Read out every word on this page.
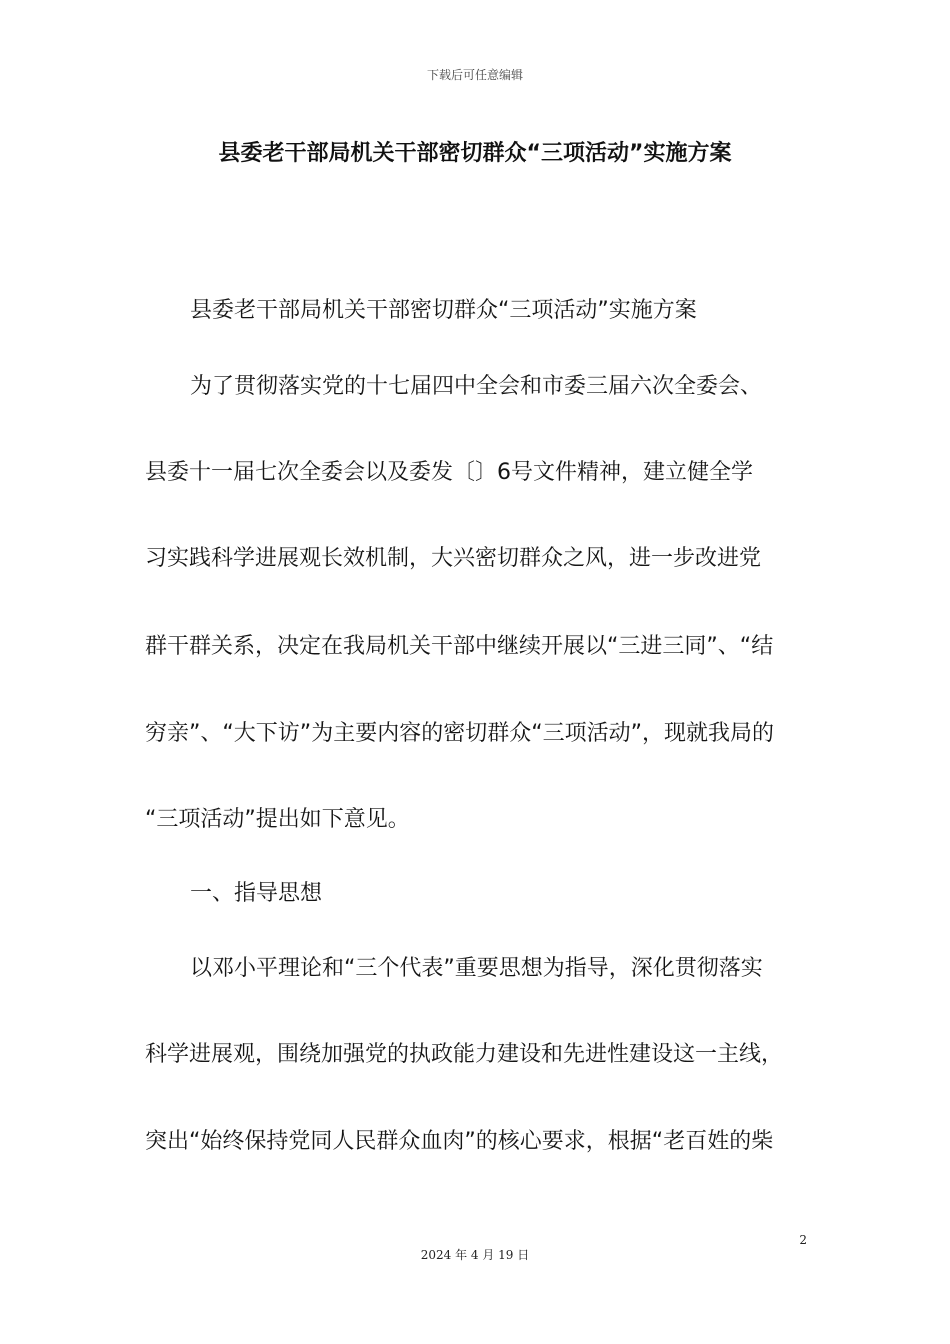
下载后可任意编辑
县委老干部局机关干部密切群众“三项活动”实施方案
县委老干部局机关干部密切群众“三项活动”实施方案
为了贯彻落实党的十七届四中全会和市委三届六次全委会、
县委十一届七次全委会以及委发〔〕6号文件精神，建立健全学
习实践科学进展观长效机制，大兴密切群众之风，进一步改进党
群干群关系，决定在我局机关干部中继续开展以“三进三同”、“结
穷亲”、“大下访”为主要内容的密切群众“三项活动”，现就我局的
“三项活动”提出如下意见。
一、指导思想
以邓小平理论和“三个代表”重要思想为指导，深化贯彻落实
科学进展观，围绕加强党的执政能力建设和先进性建设这一主线，
突出“始终保持党同人民群众血肉”的核心要求，根据“老百姓的柴
2
2024 年 4 月 19 日
